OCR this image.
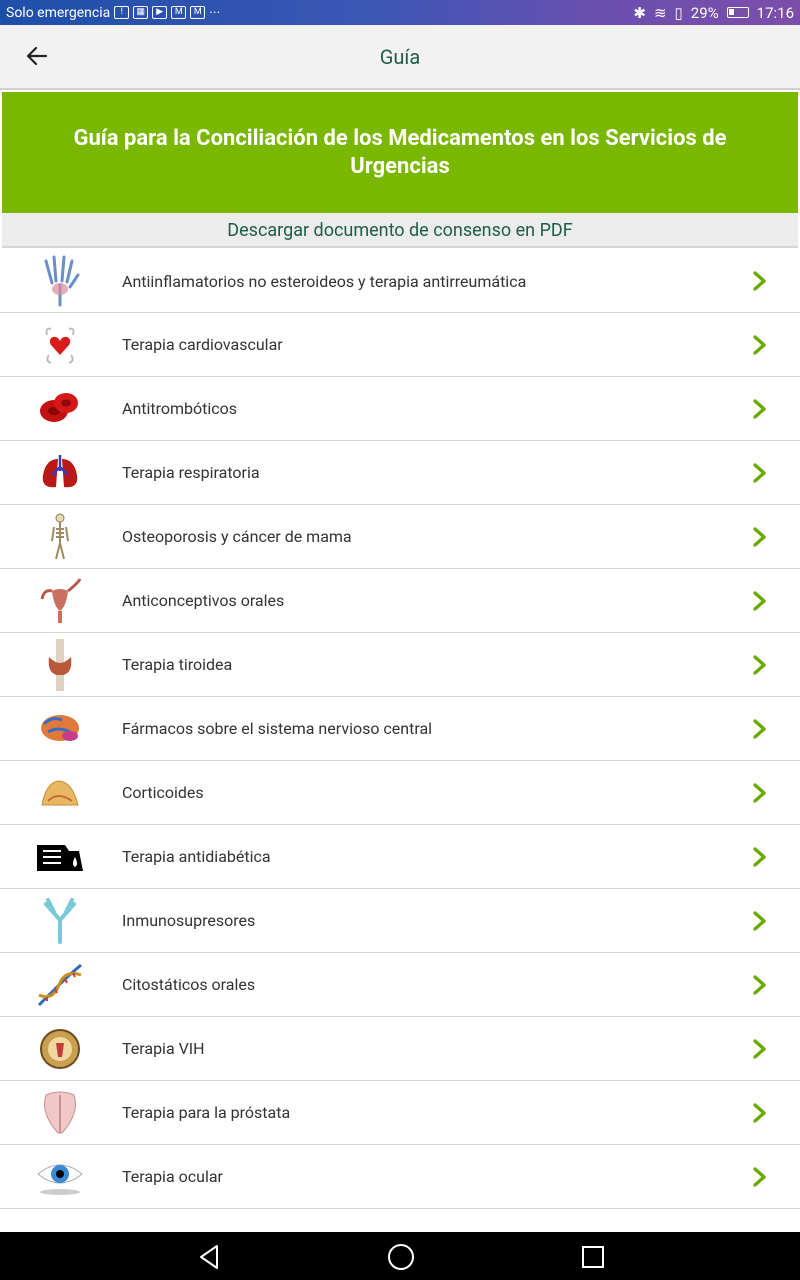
Solo emergencia	!	▦	▶	M	M ···	✱ ≋ ▯ 29%	17:16
Guía
Guía para la Conciliación de los Medicamentos en los Servicios de Urgencias
Descargar documento de consenso en PDF
Antiinflamatorios no esteroideos y terapia antirreumática
Terapia cardiovascular
Antitrombóticos
Terapia respiratoria
Osteoporosis y cáncer de mama
Anticonceptivos orales
Terapia tiroidea
Fármacos sobre el sistema nervioso central
Corticoides
Terapia antidiabética
Inmunosupresores
Citostáticos orales
Terapia VIH
Terapia para la próstata
Terapia ocular
